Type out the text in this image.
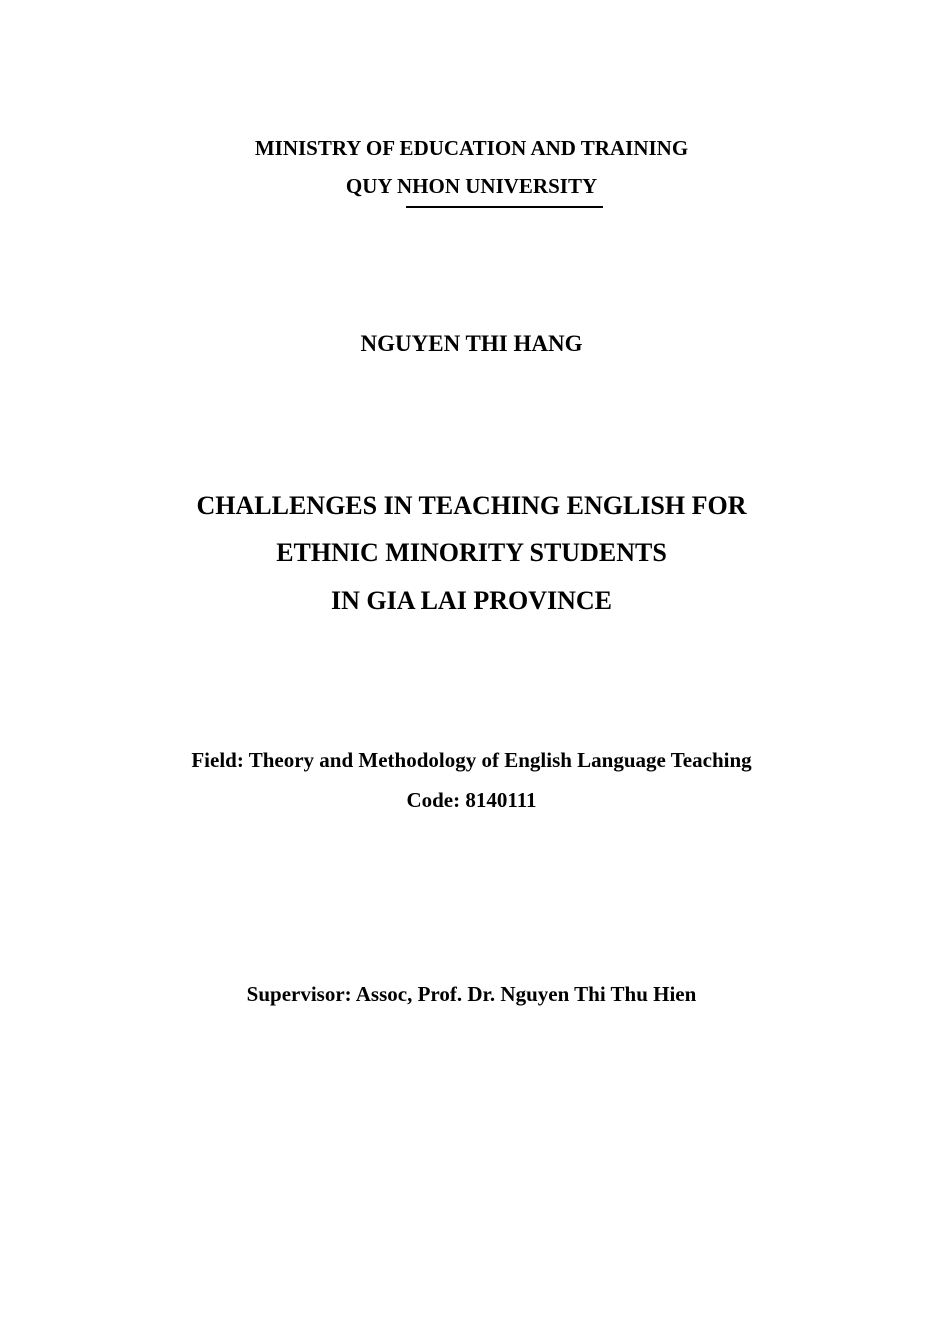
MINISTRY OF EDUCATION AND TRAINING
QUY NHON UNIVERSITY
NGUYEN THI HANG
CHALLENGES IN TEACHING ENGLISH FOR
ETHNIC MINORITY STUDENTS
IN GIA LAI PROVINCE
Field: Theory and Methodology of English Language Teaching
Code: 8140111
Supervisor: Assoc, Prof. Dr. Nguyen Thi Thu Hien
